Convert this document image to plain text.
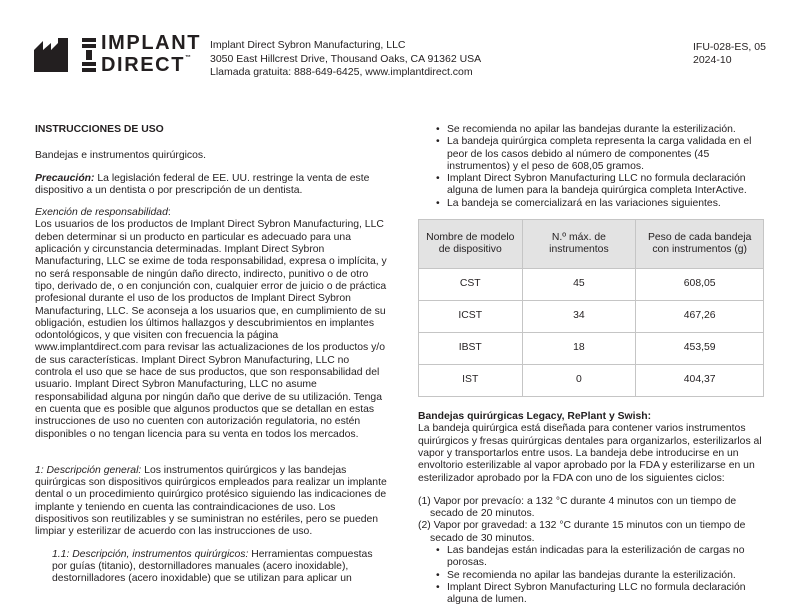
IMPLANT
DIRECT™
Implant Direct Sybron Manufacturing, LLC
3050 East Hillcrest Drive, Thousand Oaks, CA 91362 USA
Llamada gratuita: 888-649-6425, www.implantdirect.com
IFU-028-ES, 05
2024-10

INSTRUCCIONES DE USO

Bandejas e instrumentos quirúrgicos.

Precaución: La legislación federal de EE. UU. restringe la venta de este dispositivo a un dentista o por prescripción de un dentista.

Exención de responsabilidad:

Los usuarios de los productos de Implant Direct Sybron Manufacturing, LLC deben determinar si un producto en particular es adecuado para una aplicación y circunstancia determinadas. Implant Direct Sybron Manufacturing, LLC se exime de toda responsabilidad, expresa o implícita, y no será responsable de ningún daño directo, indirecto, punitivo o de otro tipo, derivado de, o en conjunción con, cualquier error de juicio o de práctica profesional durante el uso de los productos de Implant Direct Sybron Manufacturing, LLC. Se aconseja a los usuarios que, en cumplimiento de su obligación, estudien los últimos hallazgos y descubrimientos en implantes odontológicos, y que visiten con frecuencia la página www.implantdirect.com para revisar las actualizaciones de los productos y/o de sus características. Implant Direct Sybron Manufacturing, LLC no controla el uso que se hace de sus productos, que son responsabilidad del usuario. Implant Direct Sybron Manufacturing, LLC no asume responsabilidad alguna por ningún daño que derive de su utilización. Tenga en cuenta que es posible que algunos productos que se detallan en estas instrucciones de uso no cuenten con autorización regulatoria, no estén disponibles o no tengan licencia para su venta en todos los mercados.

1: Descripción general: Los instrumentos quirúrgicos y las bandejas quirúrgicas son dispositivos quirúrgicos empleados para realizar un implante dental o un procedimiento quirúrgico protésico siguiendo las indicaciones de implante y teniendo en cuenta las contraindicaciones de uso. Los dispositivos son reutilizables y se suministran no estériles, pero se pueden limpiar y esterilizar de acuerdo con las instrucciones de uso.

1.1: Descripción, instrumentos quirúrgicos: Herramientas compuestas por guías (titanio), destornilladores manuales (acero inoxidable), destornilladores (acero inoxidable) que se utilizan para aplicar un

• Se recomienda no apilar las bandejas durante la esterilización.
• La bandeja quirúrgica completa representa la carga validada en el peor de los casos debido al número de componentes (45 instrumentos) y el peso de 608,05 gramos.
• Implant Direct Sybron Manufacturing LLC no formula declaración alguna de lumen para la bandeja quirúrgica completa InterActive.
• La bandeja se comercializará en las variaciones siguientes.
Nombre de modelo de dispositivo	N.º máx. de instrumentos	Peso de cada bandeja con instrumentos (g)
CST	45	608,05
ICST	34	467,26
IBST	18	453,59
IST	0	404,37

Bandejas quirúrgicas Legacy, RePlant y Swish:

La bandeja quirúrgica está diseñada para contener varios instrumentos quirúrgicos y fresas quirúrgicas dentales para organizarlos, esterilizarlos al vapor y transportarlos entre usos. La bandeja debe introducirse en un envoltorio esterilizable al vapor aprobado por la FDA y esterilizarse en un esterilizador aprobado por la FDA con uno de los siguientes ciclos:

(1) Vapor por prevacío: a 132 °C durante 4 minutos con un tiempo de secado de 20 minutos.
(2) Vapor por gravedad: a 132 °C durante 15 minutos con un tiempo de secado de 30 minutos.
• Las bandejas están indicadas para la esterilización de cargas no porosas.
• Se recomienda no apilar las bandejas durante la esterilización.
• Implant Direct Sybron Manufacturing LLC no formula declaración alguna de lumen.
